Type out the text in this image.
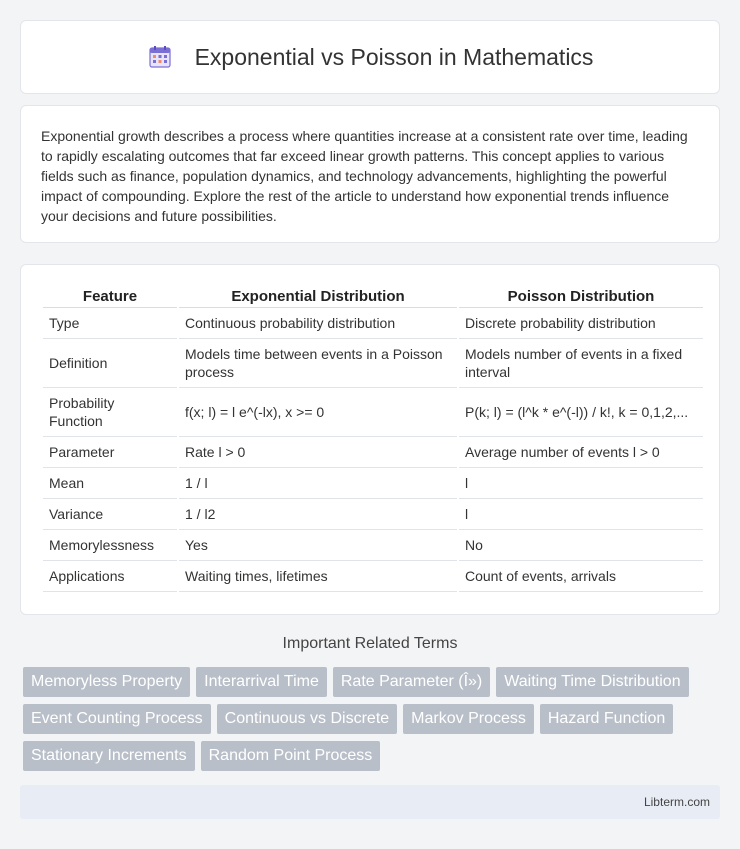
Exponential vs Poisson in Mathematics

Exponential growth describes a process where quantities increase at a consistent rate over time, leading to rapidly escalating outcomes that far exceed linear growth patterns. This concept applies to various fields such as finance, population dynamics, and technology advancements, highlighting the powerful impact of compounding. Explore the rest of the article to understand how exponential trends influence your decisions and future possibilities.

Feature	Exponential Distribution	Poisson Distribution
Type	Continuous probability distribution	Discrete probability distribution
Definition	Models time between events in a Poisson process	Models number of events in a fixed interval
Probability Function	f(x; l) = l e^(-lx), x >= 0	P(k; l) = (l^k * e^(-l)) / k!, k = 0,1,2,...
Parameter	Rate l > 0	Average number of events l > 0
Mean	1 / l	l
Variance	1 / l2	l
Memorylessness	Yes	No
Applications	Waiting times, lifetimes	Count of events, arrivals
Important Related Terms
Memoryless Property	Interarrival Time	Rate Parameter (Î»)	Waiting Time Distribution
Event Counting Process	Continuous vs Discrete	Markov Process	Hazard Function
Stationary Increments	Random Point Process
Libterm.com
